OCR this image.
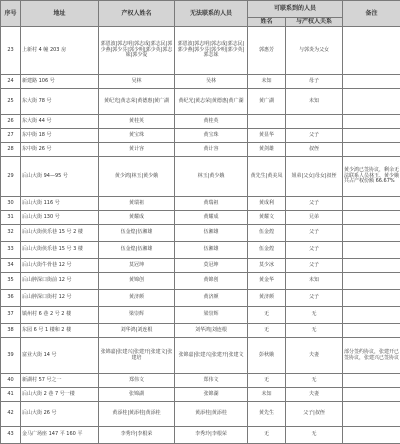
序号	地址	产权人姓名	无法联系的人员	可联系到的人员		备注
				姓名	与产权人关系	
23	上新村 4 幢 203 房	郭恩波|郭志明|郭志成|郭志民|郭少燕|郭少芬|郭少明|郭少英|郭志妹|郭少爱	郭恩波|郭志明|郭志成|郭志民|郭少燕|郭少芬|郭少明|郭少英|郭志妹	郭惠芳	与郭炎为父女	
24	新建路 106 号	吴林	吴林	未知	母子	
25	东大街 78 号	黄纪光|黄志荣|黄德惠|黄广湖	黄纪光|黄志荣|黄德惠|黄广湖	黄广湖	未知	
26	东大街 44 号	黄桂英	黄桂英			
27	东中街 18 号	黄宝珠	黄宝珠	黄显华	父子	
28	东中街 26 号	黄计容	黄计容	黄剑雄	叔侄	
29	后山大街 94—95 号	黄少鸿|林玉|黄少娥	林玉|黄少娥	黄先生|黄美凤	姐弟|父女|母女|叔侄	黄少鸿已签协议，剩余无法联系人员林玉、黄少娥共占产权份额 66.67%
30	后山大街 116 号	黄瑞祖	黄瑞祖	黄成利	父子	
31	后山大街 130 号	黄耀成	黄耀成	黄耀文	兄弟	
32	后山大街侠乐巷 15 号 2 楼	伍金煌|伍湘雄	伍湘雄	伍金煌	父子	
33	后山大街侠乐巷 15 号 3 楼	伍金煌|伍湘雄	伍湘雄	伍金煌	父子	
34	后山大街牛骨巷 12 号	莫冠坤	莫冠坤	莫少冰	父子	
35	后山肿深口街前 12 号	黄锦创	黄锦创	黄金华	未知	
36	后山肿深口街村 12 号	黄济颜	黄济颜	黄济颜	父子	
37	镇州村 6 巷 2 号 2 楼	梁崇辉	梁崇辉	无	无	
38	东园 6 号 1 楼和 2 楼	刘华鸿|刘连根	刘华鸿|刘连根	无	无	
39	富业大街 14 号	张锦嘉|张建兴|张建开|张建文|张建培	张锦嘉|张建兴|张建开|张建文	彭秋娥	夫妻	部分签约协议，张建开已签协议，张建兴已签协议
40	新湖村 57 号之一	郑伟文	郑伟文	无	无	
41	后山大街 2 巷 7 号一楼	张锦湖	张锦湖	未知	夫妻	
42	后山大街 26 号	黄添桂|黄添桂|黄添桂	黄添桂|黄添桂	黄先生	父子|叔侄	
43	金马广场座 147 平 160 平	李秀玲|李根荣	李秀玲|李根荣	无	无	
